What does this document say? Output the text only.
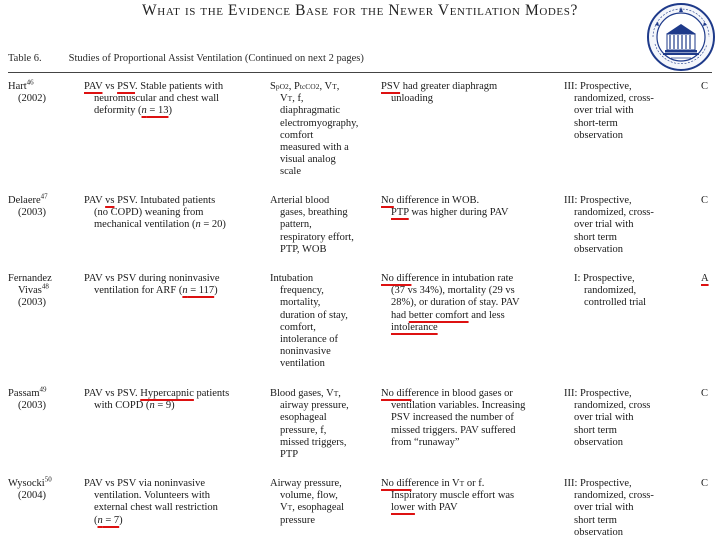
What is the Evidence Base for the Newer Ventilation Modes?
Table 6.	Studies of Proportional Assist Ventilation (Continued on next 2 pages)
Hart$^{46}$
(2002)
PAV vs PSV. Stable patients with
neuromuscular and chest wall
deformity (n = 13)
SpO2, PtcCO2, VT,
VT, f,
diaphragmatic
electromyography,
comfort
measured with a
visual analog
scale
PSV had greater diaphragm
unloading
III: Prospective,
randomized, cross-
over trial with
short-term
observation
C
Delaere$^{47}$
(2003)
PAV vs PSV. Intubated patients
(no COPD) weaning from
mechanical ventilation (n = 20)
Arterial blood
gases, breathing
pattern,
respiratory effort,
PTP, WOB
No difference in WOB.
PTP was higher during PAV
III: Prospective,
randomized, cross-
over trial with
short term
observation
C
Fernandez
Vivas$^{48}$
(2003)
PAV vs PSV during noninvasive
ventilation for ARF (n = 117)
Intubation
frequency,
mortality,
duration of stay,
comfort,
intolerance of
noninvasive
ventilation
No difference in intubation rate
(37 vs 34%), mortality (29 vs
28%), or duration of stay. PAV
had better comfort and less
intolerance
I: Prospective,
randomized,
controlled trial
A
Passam$^{49}$
(2003)
PAV vs PSV. Hypercapnic patients
with COPD (n = 9)
Blood gases, VT,
airway pressure,
esophageal
pressure, f,
missed triggers,
PTP
No difference in blood gases or
ventilation variables. Increasing
PSV increased the number of
missed triggers. PAV suffered
from “runaway”
III: Prospective,
randomized, cross
over trial with
short term
observation
C
Wysocki$^{50}$
(2004)
PAV vs PSV via noninvasive
ventilation. Volunteers with
external chest wall restriction
(n = 7)
Airway pressure,
volume, flow,
VT, esophageal
pressure
No difference in VT or f.
Inspiratory muscle effort was
lower with PAV
III: Prospective,
randomized, cross-
over trial with
short term
observation
C
